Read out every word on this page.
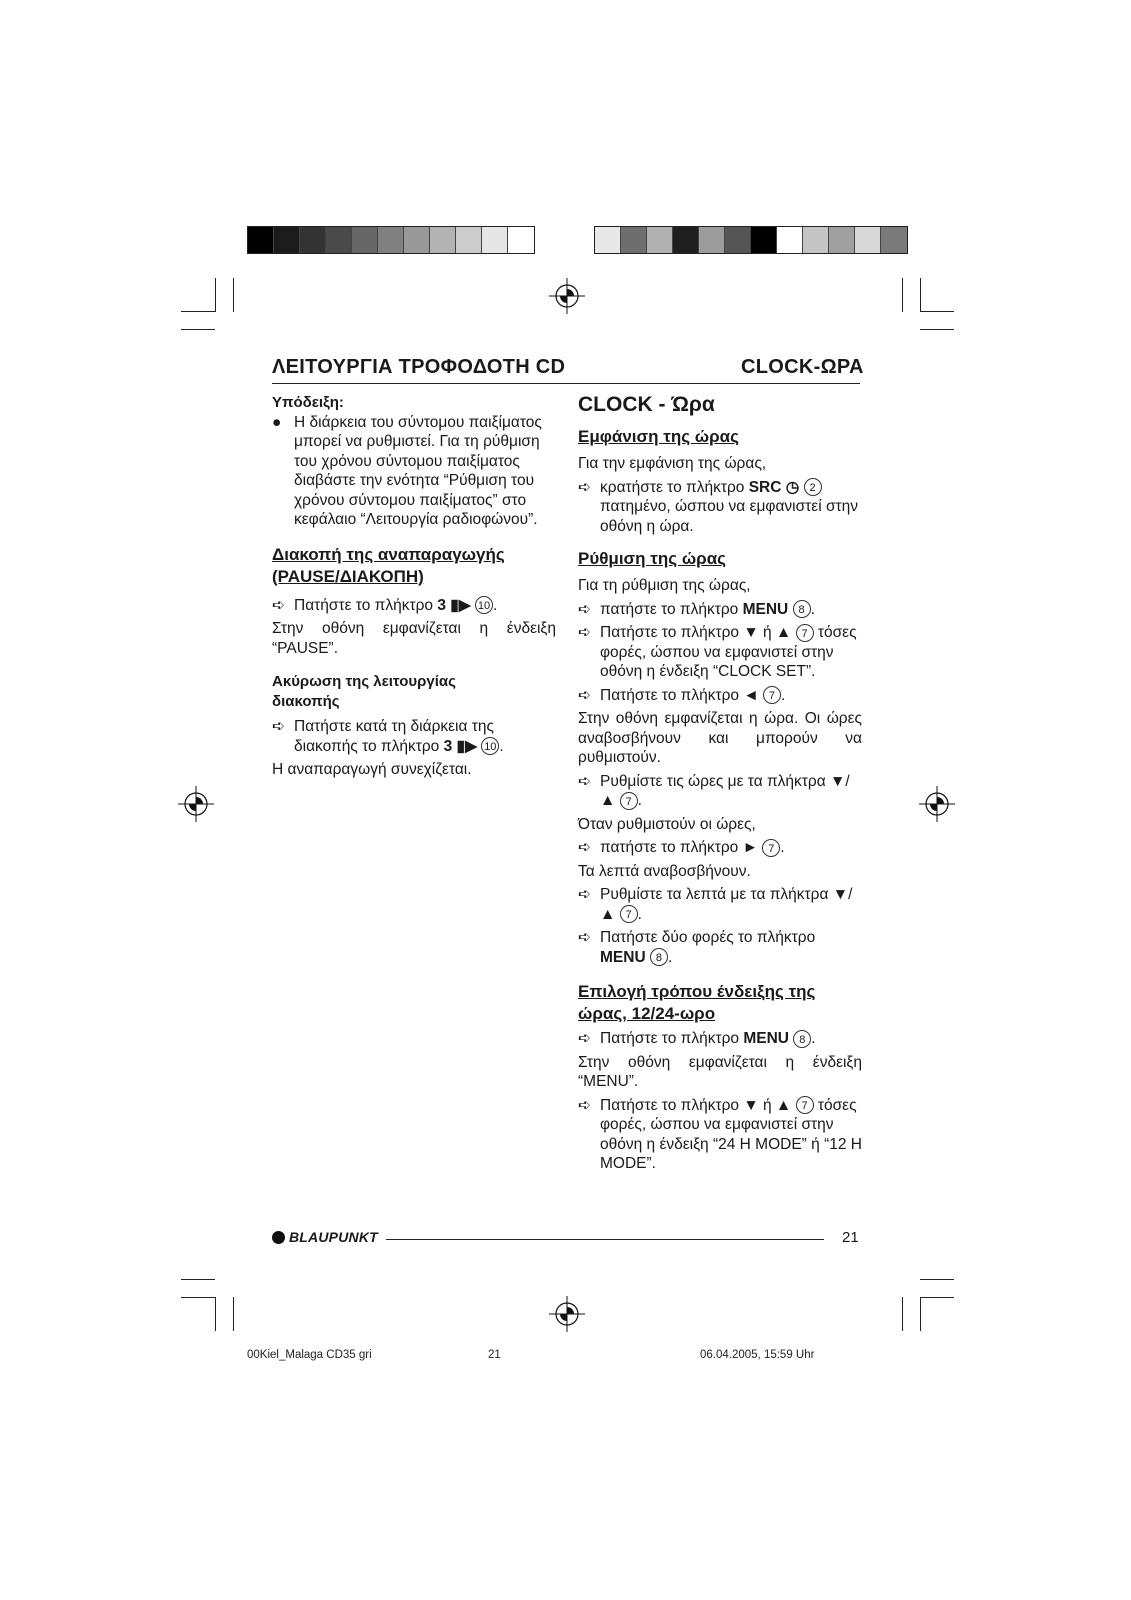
ΛΕΙΤΟΥΡΓΙΑ ΤΡΟΦΟΔΟΤΗ CD	CLOCK-ΩΡΑ

Υπόδειξη:

● Η διάρκεια του σύντομου παιξίματος μπορεί να ρυθμιστεί. Για τη ρύθμιση του χρόνου σύντομου παιξίματος διαβάστε την ενότητα “Ρύθμιση του χρόνου σύντομου παιξίματος” στο κεφάλαιο “Λειτουργία ραδιοφώνου”.

Διακοπή της αναπαραγωγής

(PAUSE/ΔΙΑΚΟΠΗ)

➪ Πατήστε το πλήκτρο 3 ▮▶ 10 .

Στην οθόνη εμφανίζεται η ένδειξη “PAUSE”.

Ακύρωση της λειτουργίας

διακοπής

➪ Πατήστε κατά τη διάρκεια της διακοπής το πλήκτρο 3 ▮▶ 10 .

Η αναπαραγωγή συνεχίζεται.

CLOCK - Ώρα

Εμφάνιση της ώρας

Για την εμφάνιση της ώρας,

➪ κρατήστε το πλήκτρο SRC ◷ 2 πατημένο, ώσπου να εμφανιστεί στην οθόνη η ώρα.

Ρύθμιση της ώρας

Για τη ρύθμιση της ώρας,

➪ πατήστε το πλήκτρο MENU 8 .

➪ Πατήστε το πλήκτρο ▼ ή ▲ 7 τόσες φορές, ώσπου να εμφανιστεί στην οθόνη η ένδειξη “CLOCK SET”.

➪ Πατήστε το πλήκτρο ◄ 7 .

Στην οθόνη εμφανίζεται η ώρα. Οι ώρες αναβοσβήνουν και μπορούν να ρυθμιστούν.

➪ Ρυθμίστε τις ώρες με τα πλήκτρα ▼/▲ 7 .

Όταν ρυθμιστούν οι ώρες,

➪ πατήστε το πλήκτρο ► 7 .

Τα λεπτά αναβοσβήνουν.

➪ Ρυθμίστε τα λεπτά με τα πλήκτρα ▼/▲ 7 .

➪ Πατήστε δύο φορές το πλήκτρο MENU 8 .

Επιλογή τρόπου ένδειξης της

ώρας, 12/24-ωρο

➪ Πατήστε το πλήκτρο MENU 8 .

Στην οθόνη εμφανίζεται η ένδειξη “MENU”.

➪ Πατήστε το πλήκτρο ▼ ή ▲ 7 τόσες φορές, ώσπου να εμφανιστεί στην οθόνη η ένδειξη “24 H MODE” ή “12 H MODE”.

BLAUPUNKT	21
00Kiel_Malaga CD35 gri	21	06.04.2005, 15:59 Uhr
